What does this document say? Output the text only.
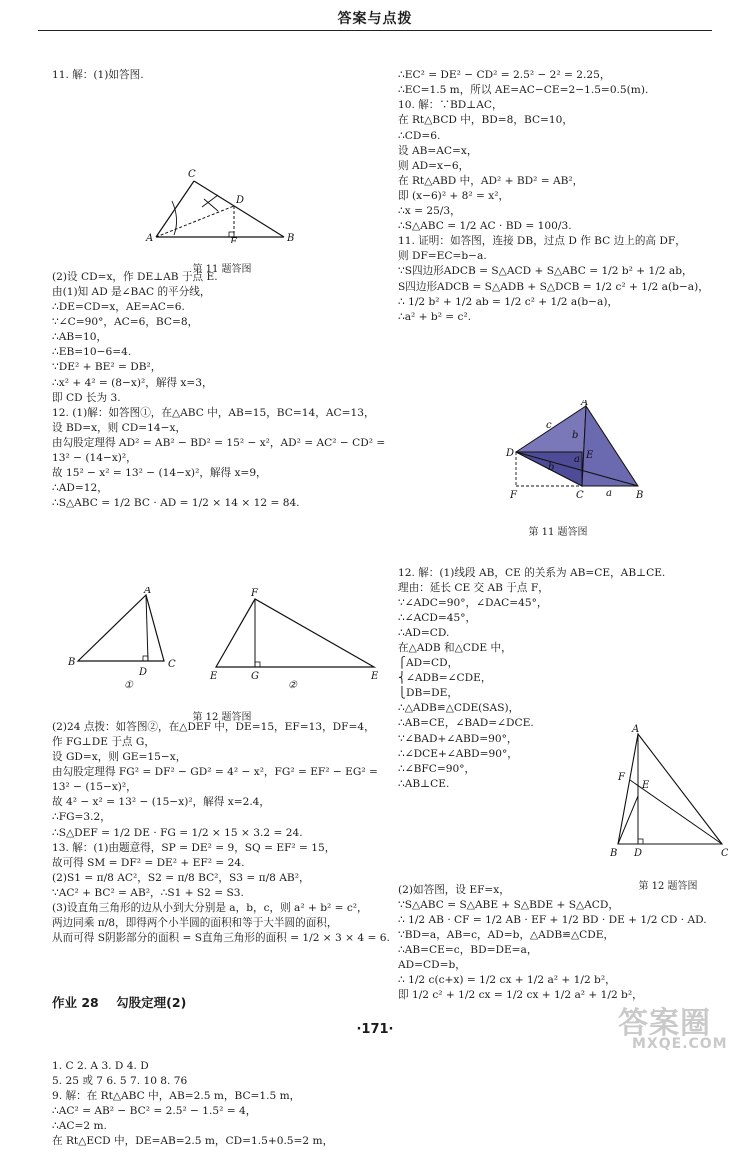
答案与点拨

11. 解：(1)如答图.

C
D
A	E	B

第 11 题答图

(2)设 CD=x，作 DE⊥AB 于点 E.
由(1)知 AD 是∠BAC 的平分线，
∴DE=CD=x，AE=AC=6.
∵∠C=90°，AC=6，BC=8，
∴AB=10，
∴EB=10−6=4.
∵DE² + BE² = DB²，
∴x² + 4² = (8−x)²，解得 x=3，
即 CD 长为 3.
12. (1)解：如答图①，在△ABC 中，AB=15，BC=14，AC=13，
设 BD=x，则 CD=14−x，
由勾股定理得 AD² = AB² − BD² = 15² − x²，AD² = AC² − CD² =
13² − (14−x)²，
故 15² − x² = 13² − (14−x)²，解得 x=9，
∴AD=12，
∴S△ABC = 1/2 BC · AD = 1/2 × 14 × 12 = 84.

A
B
D
C
F
E	G	E
①	②

第 12 题答图

(2)24 点拨：如答图②，在△DEF 中，DE=15，EF=13，DF=4，
作 FG⊥DE 于点 G，
设 GD=x，则 GE=15−x，
由勾股定理得 FG² = DF² − GD² = 4² − x²，FG² = EF² − EG² =
13² − (15−x)²，
故 4² − x² = 13² − (15−x)²，解得 x=2.4，
∴FG=3.2，
∴S△DEF = 1/2 DE · FG = 1/2 × 15 × 3.2 = 24.
13. 解：(1)由题意得，SP = DE² = 9，SQ = EF² = 15，
故可得 SM = DF² = DE² + EF² = 24.
(2)S1 = π/8 AC²，S2 = π/8 BC²，S3 = π/8 AB²，
∵AC² + BC² = AB²，∴S1 + S2 = S3.
(3)设直角三角形的边从小到大分别是 a，b，c，则 a² + b² = c²，
两边同乘 π/8，即得两个小半圆的面积和等于大半圆的面积，
从而可得 S阴影部分的面积 = S直角三角形的面积 = 1/2 × 3 × 4 = 6.

作业 28    勾股定理(2)

1. C 2. A 3. D 4. D
5. 25 或 7 6. 5 7. 10 8. 76
9. 解：在 Rt△ABC 中，AB=2.5 m，BC=1.5 m，
∴AC² = AB² − BC² = 2.5² − 1.5² = 4，
∴AC=2 m.
在 Rt△ECD 中，DE=AB=2.5 m，CD=1.5+0.5=2 m，

∴EC² = DE² − CD² = 2.5² − 2² = 2.25，
∴EC=1.5 m，所以 AE=AC−CE=2−1.5=0.5(m).
10. 解：∵BD⊥AC，
在 Rt△BCD 中，BD=8，BC=10，
∴CD=6.
设 AB=AC=x，
则 AD=x−6，
在 Rt△ABD 中，AD² + BD² = AB²，
即 (x−6)² + 8² = x²，
∴x = 25/3，
∴S△ABC = 1/2 AC · BD = 100/3.
11. 证明：如答图，连接 DB，过点 D 作 BC 边上的高 DF，
则 DF=EC=b−a.
∵S四边形ADCB = S△ACD + S△ABC = 1/2 b² + 1/2 ab，
S四边形ADCB = S△ADB + S△DCB = 1/2 c² + 1/2 a(b−a)，
∴ 1/2 b² + 1/2 ab = 1/2 c² + 1/2 a(b−a)，
∴a² + b² = c².

A
D	E
F	C	B
c
b
a
b
a

第 11 题答图

12. 解：(1)线段 AB，CE 的关系为 AB=CE，AB⊥CE.
理由：延长 CE 交 AB 于点 F，
∵∠ADC=90°，∠DAC=45°，
∴∠ACD=45°，
∴AD=CD.
在△ADB 和△CDE 中，
⎧AD=CD，
⎨∠ADB=∠CDE，
⎩DB=DE，
∴△ADB≌△CDE(SAS)，
∴AB=CE，∠BAD=∠DCE.
∵∠BAD+∠ABD=90°，
∴∠DCE+∠ABD=90°，
∴∠BFC=90°，
∴AB⊥CE.

A
F
E
B D	C

第 12 题答图

(2)如答图，设 EF=x，
∵S△ABC = S△ABE + S△BDE + S△ACD，
∴ 1/2 AB · CF = 1/2 AB · EF + 1/2 BD · DE + 1/2 CD · AD.
∵BD=a，AB=c，AD=b，△ADB≌△CDE，
∴AB=CE=c，BD=DE=a，
AD=CD=b，
∴ 1/2 c(c+x) = 1/2 cx + 1/2 a² + 1/2 b²，
即 1/2 c² + 1/2 cx = 1/2 cx + 1/2 a² + 1/2 b²，

·171·	答案圈
MXQE.COM
